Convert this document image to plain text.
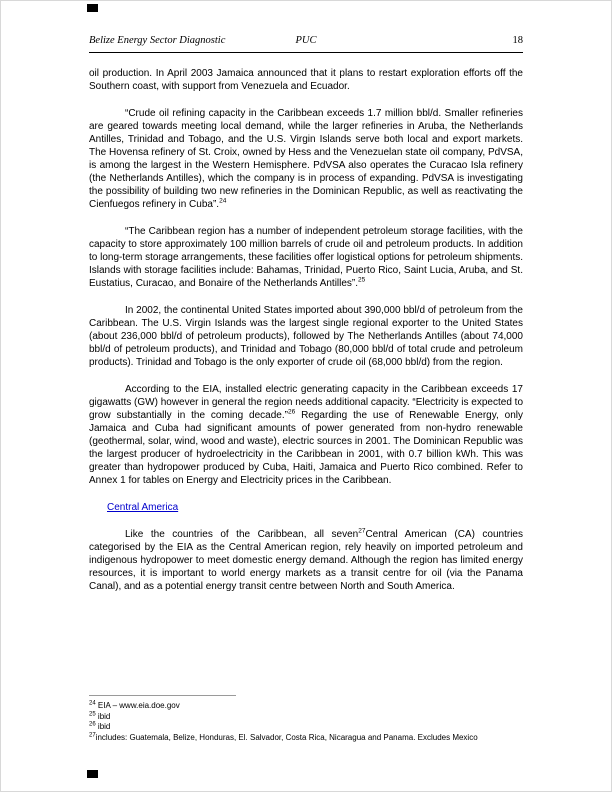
Belize Energy Sector Diagnostic	PUC	18

oil production. In April 2003 Jamaica announced that it plans to restart exploration efforts off the Southern coast, with support from Venezuela and Ecuador.

“Crude oil refining capacity in the Caribbean exceeds 1.7 million bbl/d. Smaller refineries are geared towards meeting local demand, while the larger refineries in Aruba, the Netherlands Antilles, Trinidad and Tobago, and the U.S. Virgin Islands serve both local and export markets. The Hovensa refinery of St. Croix, owned by Hess and the Venezuelan state oil company, PdVSA, is among the largest in the Western Hemisphere. PdVSA also operates the Curacao Isla refinery (the Netherlands Antilles), which the company is in process of expanding. PdVSA is investigating the possibility of building two new refineries in the Dominican Republic, as well as reactivating the Cienfuegos refinery in Cuba”.$^{24}$

“The Caribbean region has a number of independent petroleum storage facilities, with the capacity to store approximately 100 million barrels of crude oil and petroleum products. In addition to long-term storage arrangements, these facilities offer logistical options for petroleum shipments. Islands with storage facilities include: Bahamas, Trinidad, Puerto Rico, Saint Lucia, Aruba, and St. Eustatius, Curacao, and Bonaire of the Netherlands Antilles”.$^{25}$

In 2002, the continental United States imported about 390,000 bbl/d of petroleum from the Caribbean. The U.S. Virgin Islands was the largest single regional exporter to the United States (about 236,000 bbl/d of petroleum products), followed by The Netherlands Antilles (about 74,000 bbl/d of petroleum products), and Trinidad and Tobago (80,000 bbl/d of total crude and petroleum products). Trinidad and Tobago is the only exporter of crude oil (68,000 bbl/d) from the region.

According to the EIA, installed electric generating capacity in the Caribbean exceeds 17 gigawatts (GW) however in general the region needs additional capacity. “Electricity is expected to grow substantially in the coming decade.”$^{26}$ Regarding the use of Renewable Energy, only Jamaica and Cuba had significant amounts of power generated from non-hydro renewable (geothermal, solar, wind, wood and waste), electric sources in 2001. The Dominican Republic was the largest producer of hydroelectricity in the Caribbean in 2001, with 0.7 billion kWh. This was greater than hydropower produced by Cuba, Haiti, Jamaica and Puerto Rico combined. Refer to Annex 1 for tables on Energy and Electricity prices in the Caribbean.

Central America

Like the countries of the Caribbean, all seven$^{27}$Central American (CA) countries categorised by the EIA as the Central American region, rely heavily on imported petroleum and indigenous hydropower to meet domestic energy demand. Although the region has limited energy resources, it is important to world energy markets as a transit centre for oil (via the Panama Canal), and as a potential energy transit centre between North and South America.

$^{24}$ EIA – www.eia.doe.gov
$^{25}$ ibid
$^{26}$ ibid
$^{27}$includes: Guatemala, Belize, Honduras, El. Salvador, Costa Rica, Nicaragua and Panama. Excludes Mexico
